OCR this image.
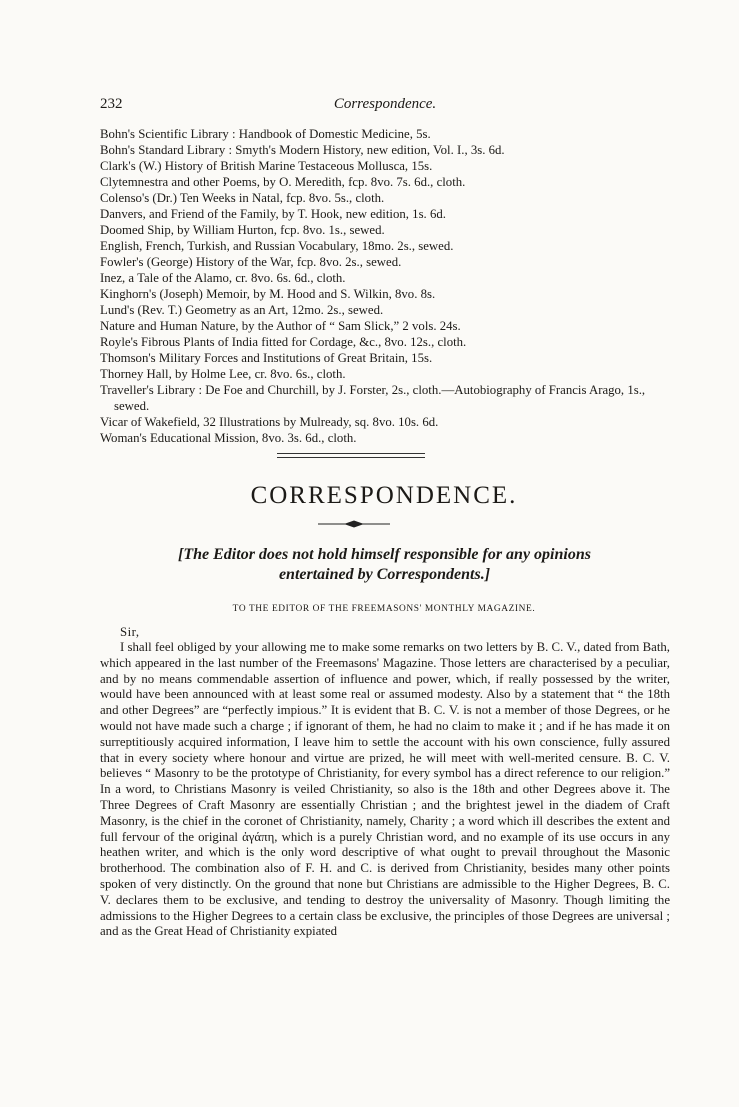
232	Correspondence.

Bohn's Scientific Library : Handbook of Domestic Medicine, 5s.

Bohn's Standard Library : Smyth's Modern History, new edition, Vol. I., 3s. 6d.

Clark's (W.) History of British Marine Testaceous Mollusca, 15s.

Clytemnestra and other Poems, by O. Meredith, fcp. 8vo. 7s. 6d., cloth.

Colenso's (Dr.) Ten Weeks in Natal, fcp. 8vo. 5s., cloth.

Danvers, and Friend of the Family, by T. Hook, new edition, 1s. 6d.

Doomed Ship, by William Hurton, fcp. 8vo. 1s., sewed.

English, French, Turkish, and Russian Vocabulary, 18mo. 2s., sewed.

Fowler's (George) History of the War, fcp. 8vo. 2s., sewed.

Inez, a Tale of the Alamo, cr. 8vo. 6s. 6d., cloth.

Kinghorn's (Joseph) Memoir, by M. Hood and S. Wilkin, 8vo. 8s.

Lund's (Rev. T.) Geometry as an Art, 12mo. 2s., sewed.

Nature and Human Nature, by the Author of “ Sam Slick,” 2 vols. 24s.

Royle's Fibrous Plants of India fitted for Cordage, &c., 8vo. 12s., cloth.

Thomson's Military Forces and Institutions of Great Britain, 15s.

Thorney Hall, by Holme Lee, cr. 8vo. 6s., cloth.

Traveller's Library : De Foe and Churchill, by J. Forster, 2s., cloth.—Autobiography of Francis Arago, 1s., sewed.

Vicar of Wakefield, 32 Illustrations by Mulready, sq. 8vo. 10s. 6d.

Woman's Educational Mission, 8vo. 3s. 6d., cloth.

CORRESPONDENCE.
[The Editor does not hold himself responsible for any opinions
entertained by Correspondents.]
TO THE EDITOR OF THE FREEMASONS' MONTHLY MAGAZINE.
Sir,

I shall feel obliged by your allowing me to make some remarks on two letters by B. C. V., dated from Bath, which appeared in the last number of the Freemasons' Magazine. Those letters are characterised by a peculiar, and by no means commendable assertion of influence and power, which, if really possessed by the writer, would have been announced with at least some real or assumed modesty. Also by a statement that “ the 18th and other Degrees” are “perfectly impious.” It is evident that B. C. V. is not a member of those Degrees, or he would not have made such a charge ; if ignorant of them, he had no claim to make it ; and if he has made it on surreptitiously acquired information, I leave him to settle the account with his own conscience, fully assured that in every society where honour and virtue are prized, he will meet with well-merited censure. B. C. V. believes “ Masonry to be the prototype of Christianity, for every symbol has a direct reference to our religion.” In a word, to Christians Masonry is veiled Christianity, so also is the 18th and other Degrees above it. The Three Degrees of Craft Masonry are essentially Christian ; and the brightest jewel in the diadem of Craft Masonry, is the chief in the coronet of Christianity, namely, Charity ; a word which ill describes the extent and full fervour of the original ἀγάπη, which is a purely Christian word, and no example of its use occurs in any heathen writer, and which is the only word descriptive of what ought to prevail throughout the Masonic brotherhood. The combination also of F. H. and C. is derived from Christianity, besides many other points spoken of very distinctly. On the ground that none but Christians are admissible to the Higher Degrees, B. C. V. declares them to be exclusive, and tending to destroy the universality of Masonry. Though limiting the admissions to the Higher Degrees to a certain class be exclusive, the principles of those Degrees are universal ; and as the Great Head of Christianity expiated
